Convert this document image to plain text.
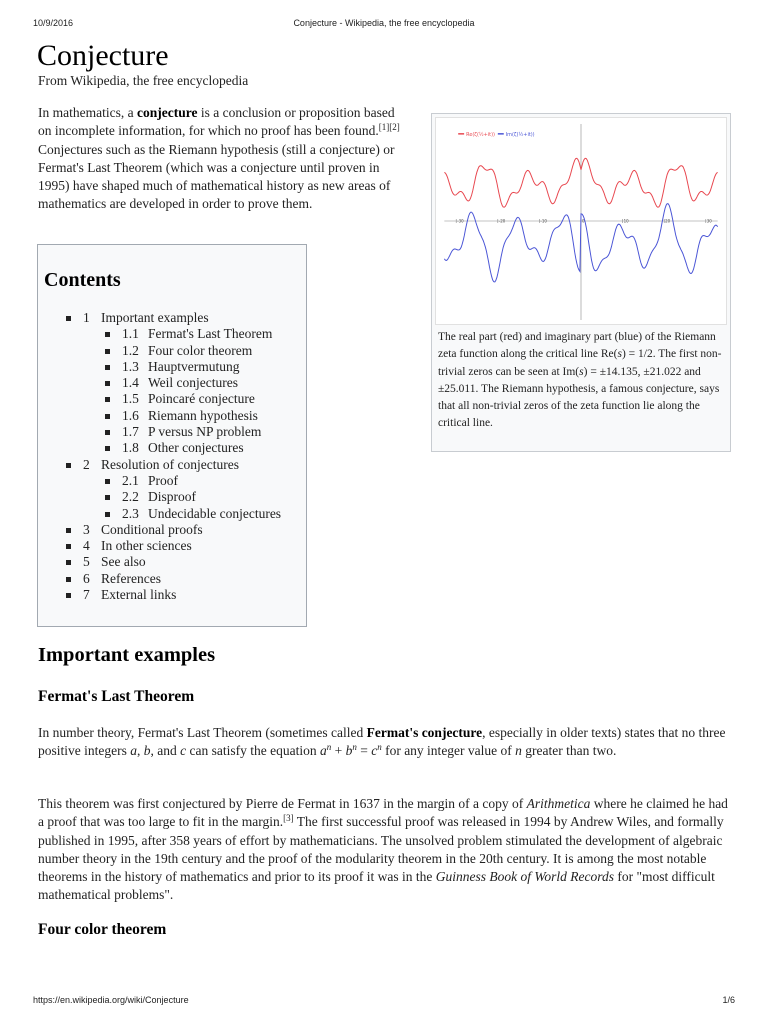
10/9/2016	Conjecture - Wikipedia, the free encyclopedia
Conjecture
From Wikipedia, the free encyclopedia

In mathematics, a conjecture is a conclusion or proposition based on incomplete information, for which no proof has been found.[1][2] Conjectures such as the Riemann hypothesis (still a conjecture) or Fermat's Last Theorem (which was a conjecture until proven in 1995) have shaped much of mathematical history as new areas of mathematics are developed in order to prove them.

-30	-20	-10	0	10	20	30
Re(ζ(½+it)) Im(ζ(½+it))
The real part (red) and imaginary part (blue) of the Riemann zeta function along the critical line Re(s) = 1/2. The first non-trivial zeros can be seen at Im(s) = ±14.135, ±21.022 and ±25.011. The Riemann hypothesis, a famous conjecture, says that all non-trivial zeros of the zeta function lie along the critical line.
Contents
1 Important examples
1.1 Fermat's Last Theorem
1.2 Four color theorem
1.3 Hauptvermutung
1.4 Weil conjectures
1.5 Poincaré conjecture
1.6 Riemann hypothesis
1.7 P versus NP problem
1.8 Other conjectures
2 Resolution of conjectures
2.1 Proof
2.2 Disproof
2.3 Undecidable conjectures
3 Conditional proofs
4 In other sciences
5 See also
6 References
7 External links
Important examples
Fermat's Last Theorem

In number theory, Fermat's Last Theorem (sometimes called Fermat's conjecture, especially in older texts) states that no three positive integers a, b, and c can satisfy the equation $a^n + b^n = c^n$ for any integer value of n greater than two.

This theorem was first conjectured by Pierre de Fermat in 1637 in the margin of a copy of Arithmetica where he claimed he had a proof that was too large to fit in the margin.[3] The first successful proof was released in 1994 by Andrew Wiles, and formally published in 1995, after 358 years of effort by mathematicians. The unsolved problem stimulated the development of algebraic number theory in the 19th century and the proof of the modularity theorem in the 20th century. It is among the most notable theorems in the history of mathematics and prior to its proof it was in the Guinness Book of World Records for "most difficult mathematical problems".

Four color theorem
https://en.wikipedia.org/wiki/Conjecture	1/6
